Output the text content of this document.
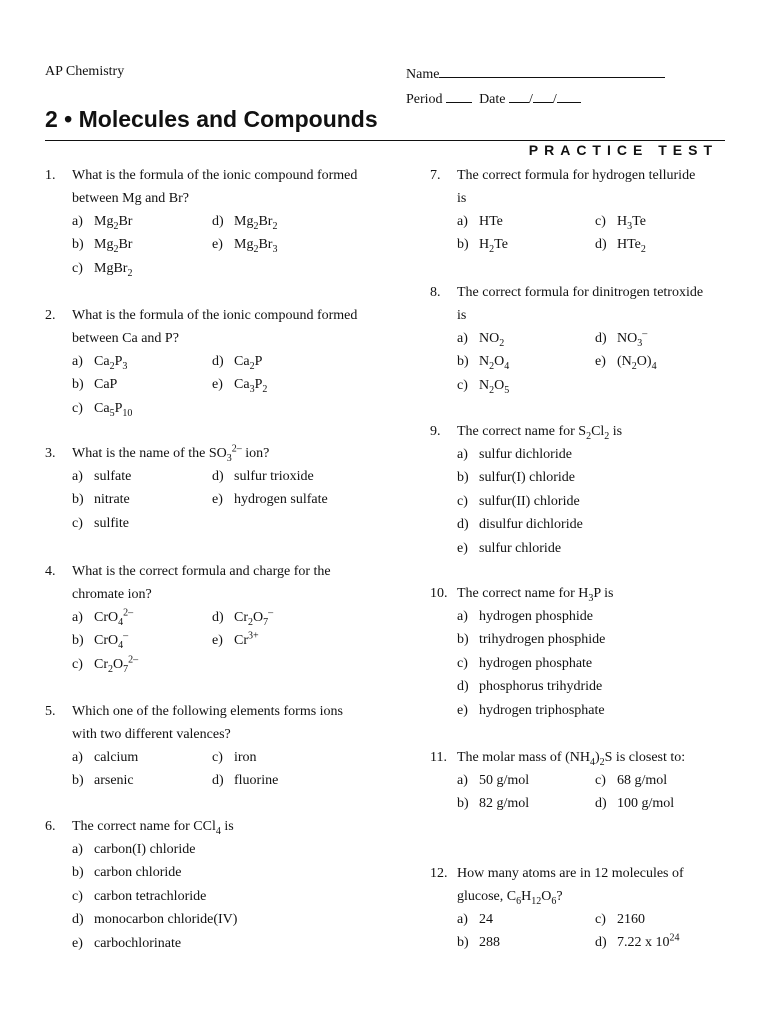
AP Chemistry	Name
Period	Date / /
2 • Molecules and Compounds
PRACTICE TEST
1. What is the formula of the ionic compound formed
between Mg and Br?
a) $Mg_2Br$
b) $Mg_2Br$
c) MgBr$_2$
d) $Mg_2Br_2$
e) $Mg_2Br_3$
2. What is the formula of the ionic compound formed
between Ca and P?
a) $Ca_2P_3$
b) CaP
c) $Ca_5P_{10}$
d) $Ca_2P$
e) $Ca_3P_2$
3. What is the name of the $SO_3^{2-}$ ion?
a) sulfate
b) nitrate
c) sulfite
d) sulfur trioxide
e) hydrogen sulfate
4. What is the correct formula and charge for the
chromate ion?
a) CrO$_4^{2-}$
b) CrO$_4$–
c) $Cr_2O_7^{2-}$
d) $Cr_2O_7^-$
e) $Cr^{3+}$
5. Which one of the following elements forms ions
with two different valences?
a) calcium
b) arsenic
c) iron
d) fluorine
6. The correct name for CCl$_4$ is
a) carbon(I) chloride
b) carbon chloride
c) carbon tetrachloride
d) monocarbon chloride(IV)
e) carbochlorinate
7. The correct formula for hydrogen telluride
is
a) HTe
b) $H_2Te$
c) $H_3Te$
d) HTe$_2$
8. The correct formula for dinitrogen tetroxide
is
a) $NO_2$
b) $N_2O_4$
c) $N_2O_5$
d) $NO_3^-$
e) $(N_2O)_4$
9. The correct name for $S_2Cl_2$ is
a) sulfur dichloride
b) sulfur(I) chloride
c) sulfur(II) chloride
d) disulfur dichloride
e) sulfur chloride
10. The correct name for $H_3P$ is
a) hydrogen phosphide
b) trihydrogen phosphide
c) hydrogen phosphate
d) phosphorus trihydride
e) hydrogen triphosphate
11. The molar mass of $(NH_4)_2S$ is closest to:
a) 50 g/mol
b) 82 g/mol
c) 68 g/mol
d) 100 g/mol
12. How many atoms are in 12 molecules of
glucose, $C_6H_{12}O_6$?
a) 24
b) 288
c) 2160
d) 7.22 x $10^{24}$
